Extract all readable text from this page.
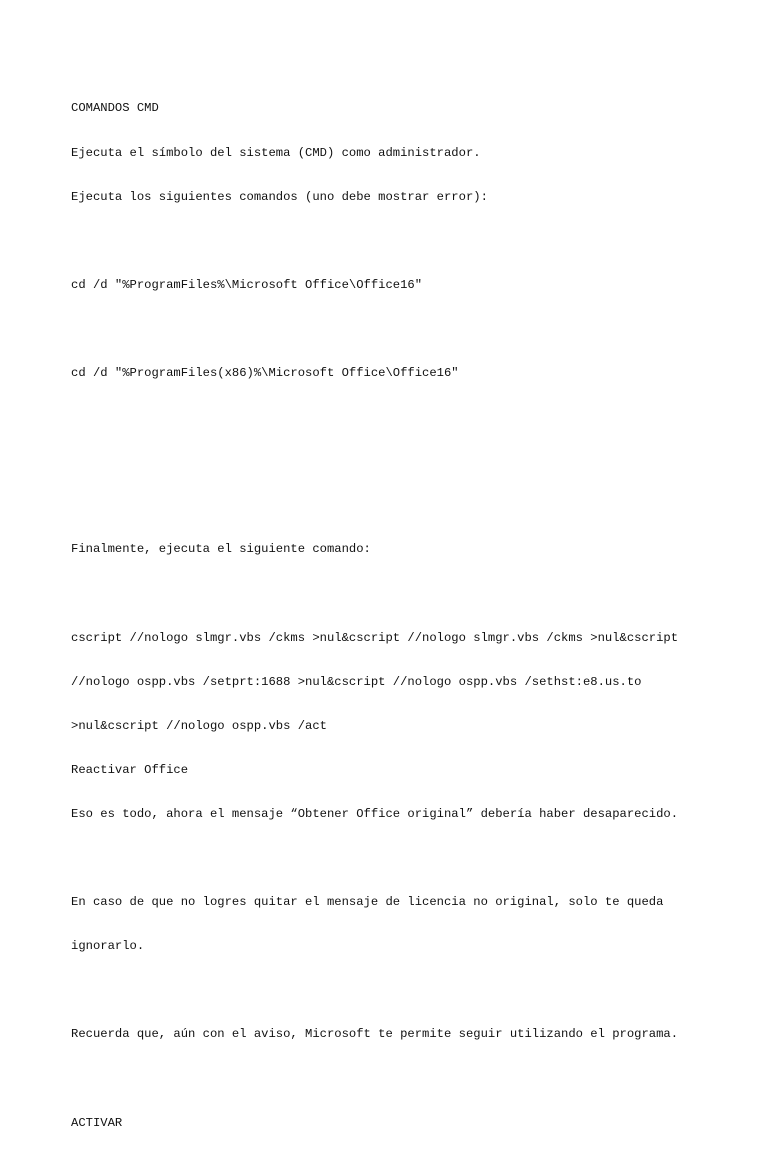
COMANDOS CMD

Ejecuta el símbolo del sistema (CMD) como administrador.

Ejecuta los siguientes comandos (uno debe mostrar error):

cd /d "%ProgramFiles%\Microsoft Office\Office16"

cd /d "%ProgramFiles(x86)%\Microsoft Office\Office16"

Finalmente, ejecuta el siguiente comando:

cscript //nologo slmgr.vbs /ckms >nul&cscript //nologo slmgr.vbs /ckms >nul&cscript

//nologo ospp.vbs /setprt:1688 >nul&cscript //nologo ospp.vbs /sethst:e8.us.to

>nul&cscript //nologo ospp.vbs /act

Reactivar Office

Eso es todo, ahora el mensaje “Obtener Office original” debería haber desaparecido.

En caso de que no logres quitar el mensaje de licencia no original, solo te queda

ignorarlo.

Recuerda que, aún con el aviso, Microsoft te permite seguir utilizando el programa.

ACTIVAR
